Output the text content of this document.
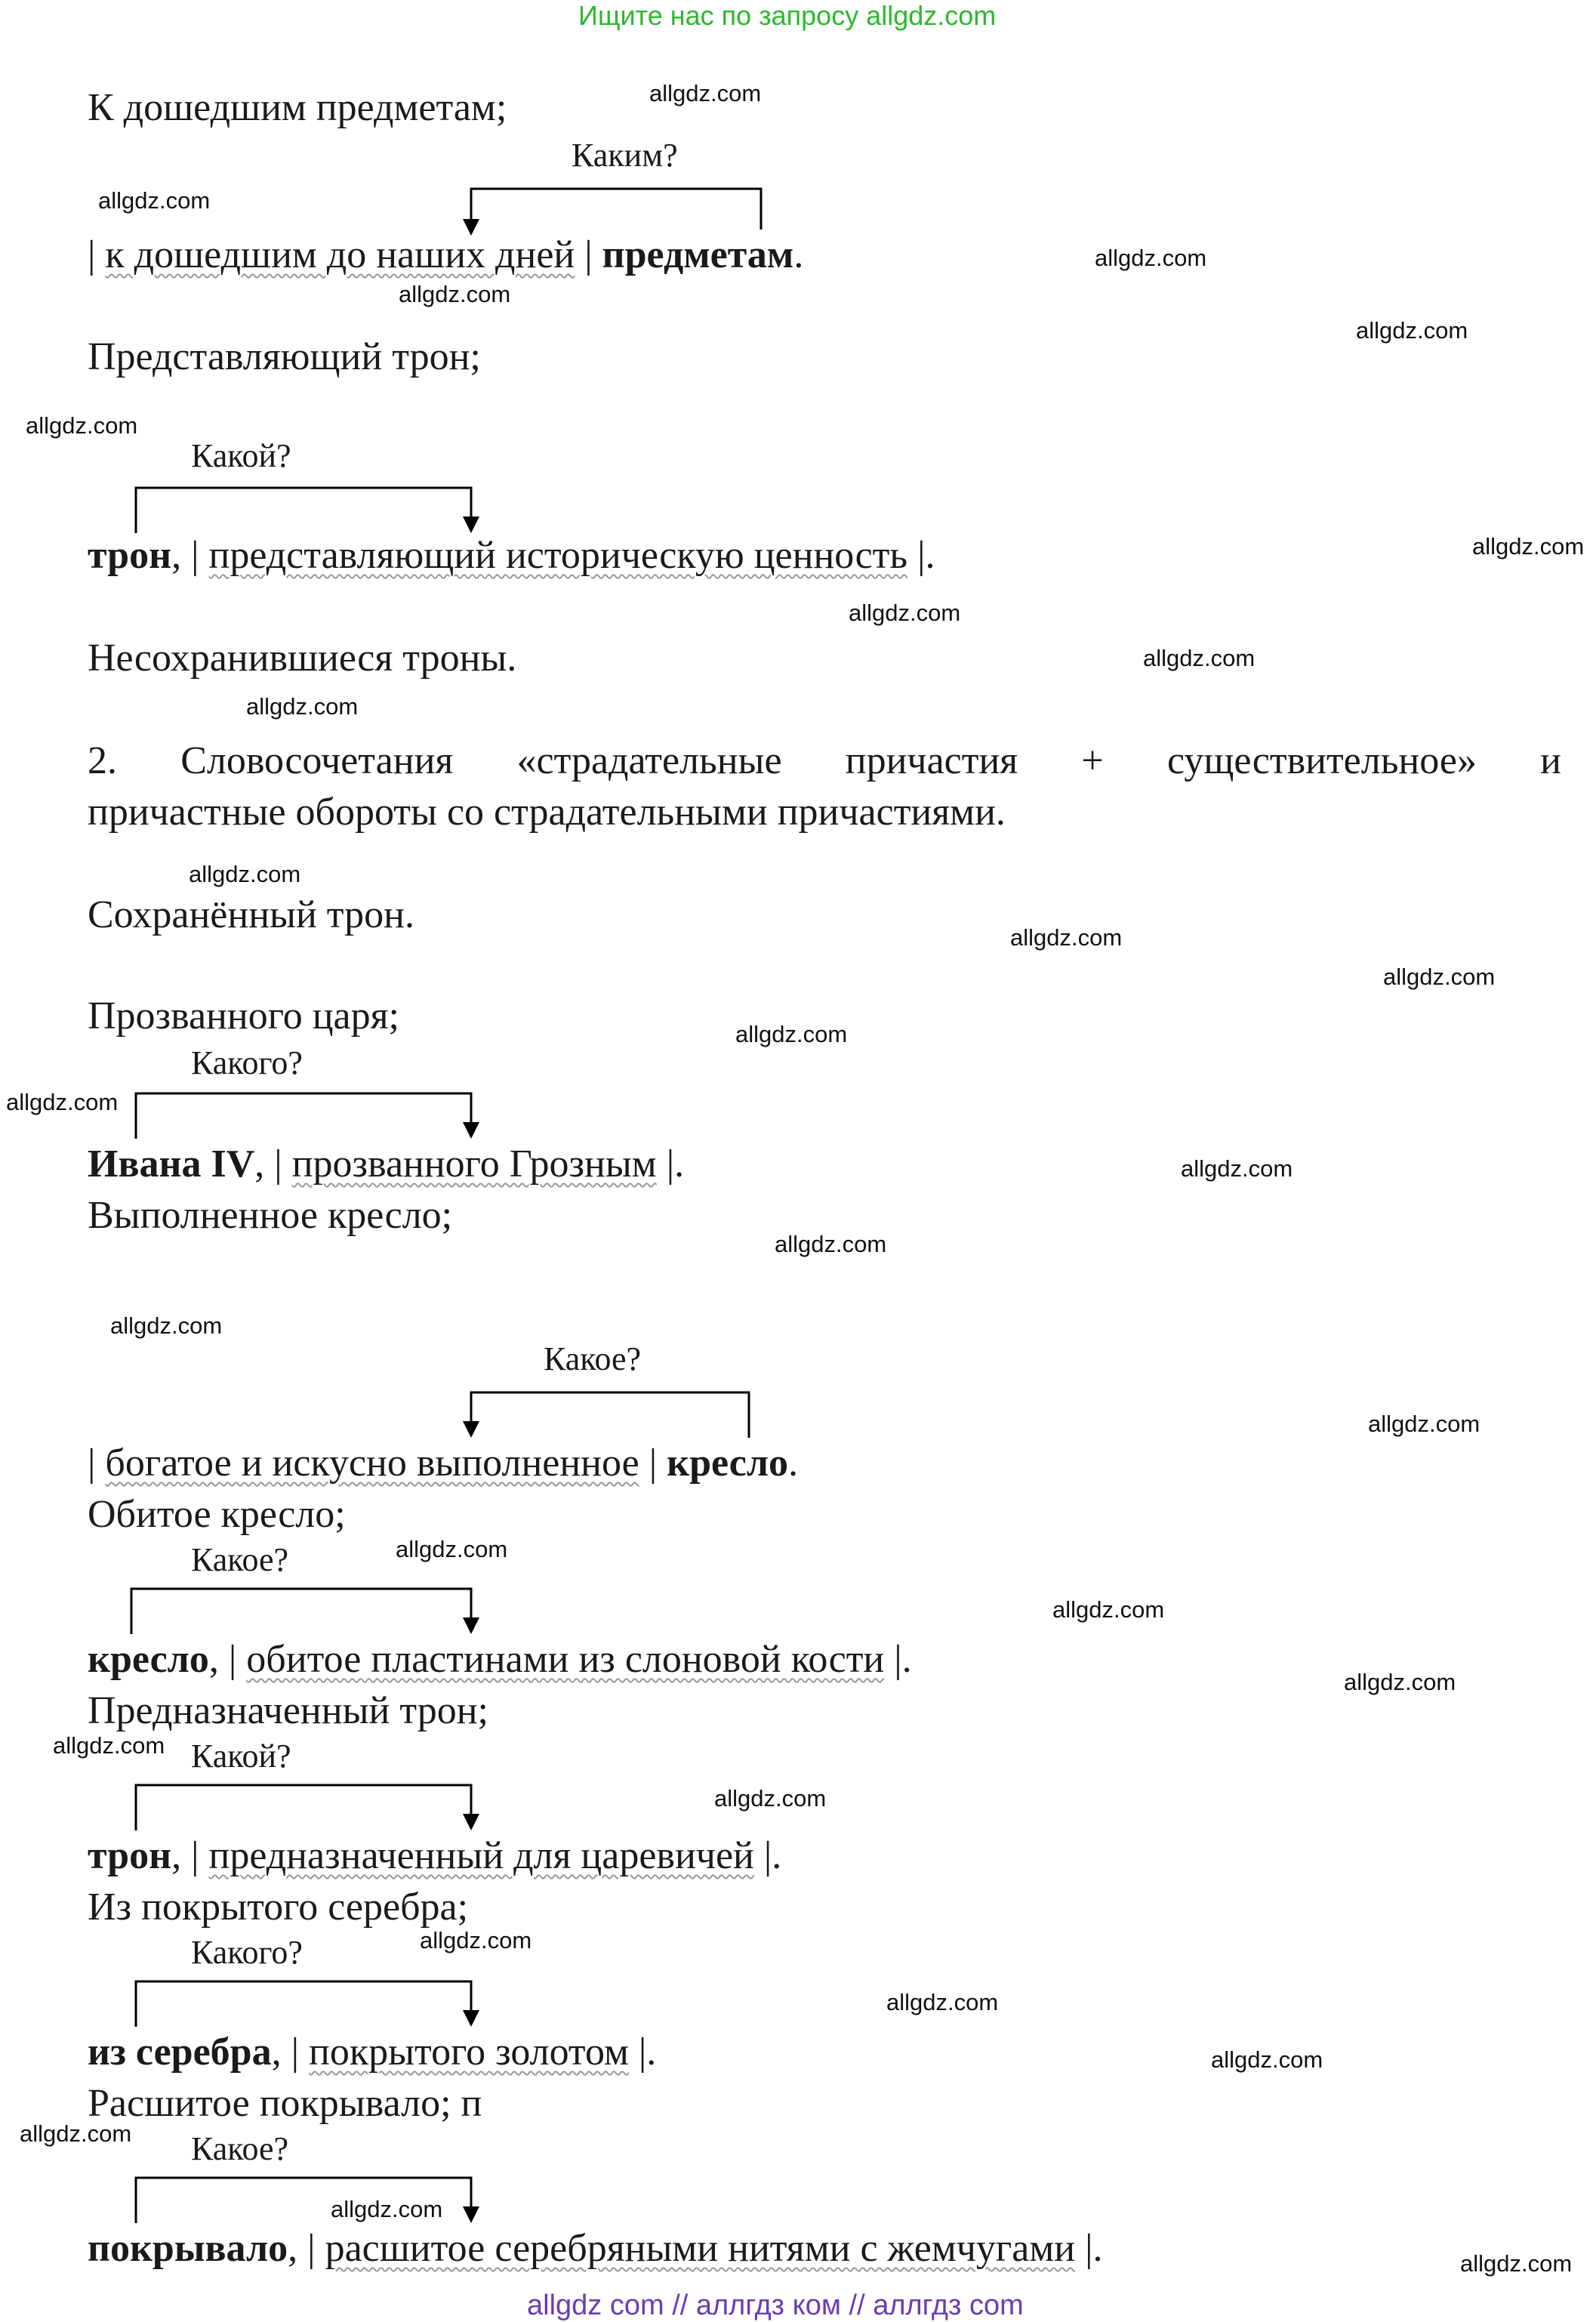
Ищите нас по запросу allgdz.com
К дошедшим предметам;
Каким?
| к дошедшим до наших дней | предметам.
Представляющий трон;
Какой?
трон, | представляющий историческую ценность |.
Несохранившиеся троны.
2. Словосочетания «страдательные причастия + существительное» и
причастные обороты со страдательными причастиями.
Сохранённый трон.
Прозванного царя;
Какого?
Ивана IV, | прозванного Грозным |.
Выполненное кресло;
Какое?
| богатое и искусно выполненное | кресло.
Обитое кресло;
Какое?
кресло, | обитое пластинами из слоновой кости |.
Предназначенный трон;
Какой?
трон, | предназначенный для царевичей |.
Из покрытого серебра;
Какого?
из серебра, | покрытого золотом |.
Расшитое покрывало; п
Какое?
покрывало, | расшитое серебряными нитями с жемчугами |.
allgdz.com
allgdz.com
allgdz.com
allgdz.com
allgdz.com
allgdz.com
allgdz.com
allgdz.com
allgdz.com
allgdz.com
allgdz.com
allgdz.com
allgdz.com
allgdz.com
allgdz.com
allgdz.com
allgdz.com
allgdz.com
allgdz.com
allgdz.com
allgdz.com
allgdz.com
allgdz.com
allgdz.com
allgdz.com
allgdz.com
allgdz.com
allgdz.com
allgdz.com
allgdz.com
allgdz com // аллгдз ком // аллгдз com
